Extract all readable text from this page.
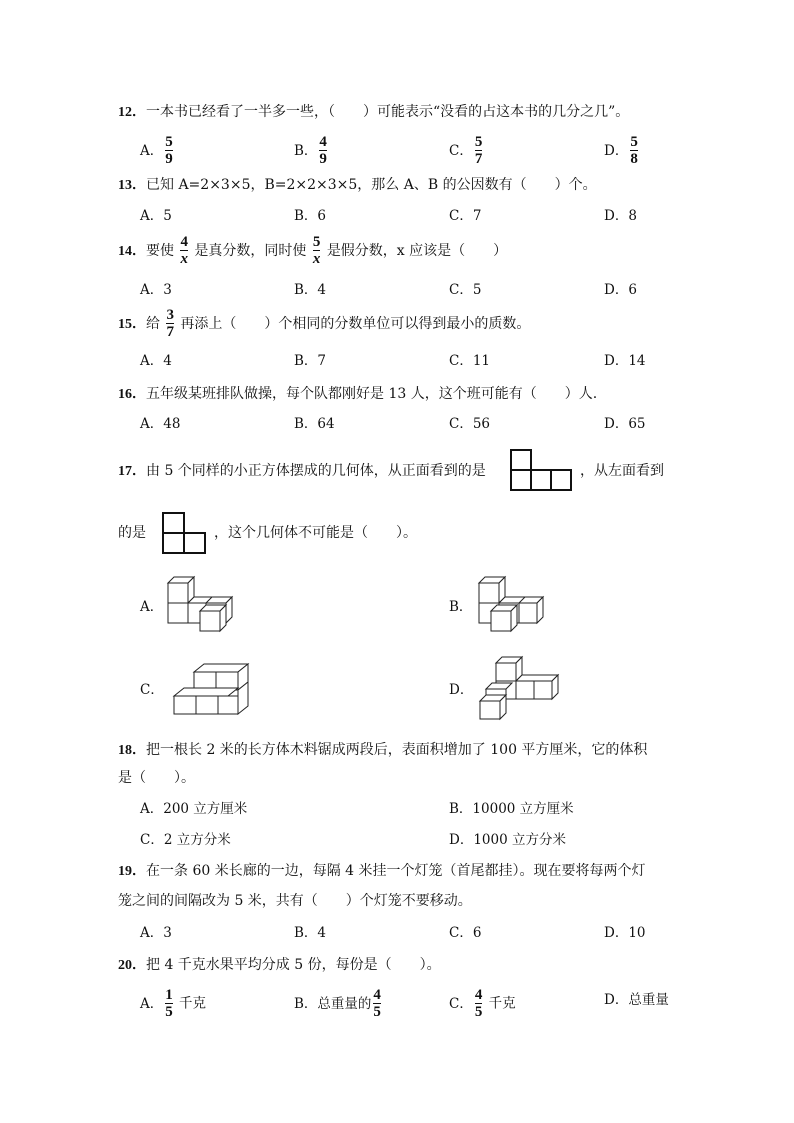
12．一本书已经看了一半多一些，（　　）可能表示“没看的占这本书的几分之几”。
A． $\frac{5}{9}$	B． $\frac{4}{9}$	C． $\frac{5}{7}$	D． $\frac{5}{8}$
13．已知 A=2×3×5，B=2×2×3×5，那么 A、B 的公因数有（　　）个。
A．5	B．6	C．7	D．8
14．要使 $\frac{4}{x}$ 是真分数，同时使 $\frac{5}{x}$ 是假分数，x 应该是（　　）
A．3	B．4	C．5	D．6
15．给 $\frac{3}{7}$ 再添上（　　）个相同的分数单位可以得到最小的质数。
A．4	B．7	C．11	D．14
16．五年级某班排队做操，每个队都刚好是 13 人，这个班可能有（　　）人.
A．48	B．64	C．56	D．65
17．由 5 个同样的小正方体摆成的几何体，从正面看到的是	，从左面看到
的是	，这个几何体不可能是（　　）。
A．	B．
C．	D．
18．把一根长 2 米的长方体木料锯成两段后，表面积增加了 100 平方厘米，它的体积
是（　　）。
A．200 立方厘米	B．10000 立方厘米
C．2 立方分米	D．1000 立方分米
19．在一条 60 米长廊的一边，每隔 4 米挂一个灯笼（首尾都挂）。现在要将每两个灯
笼之间的间隔改为 5 米，共有（　　）个灯笼不要移动。
A．3	B．4	C．6	D．10
20．把 4 千克水果平均分成 5 份，每份是（　　）。
A． $\frac{1}{5}$ 千克	B．总重量的 $\frac{4}{5}$	C． $\frac{4}{5}$ 千克	D．总重量
